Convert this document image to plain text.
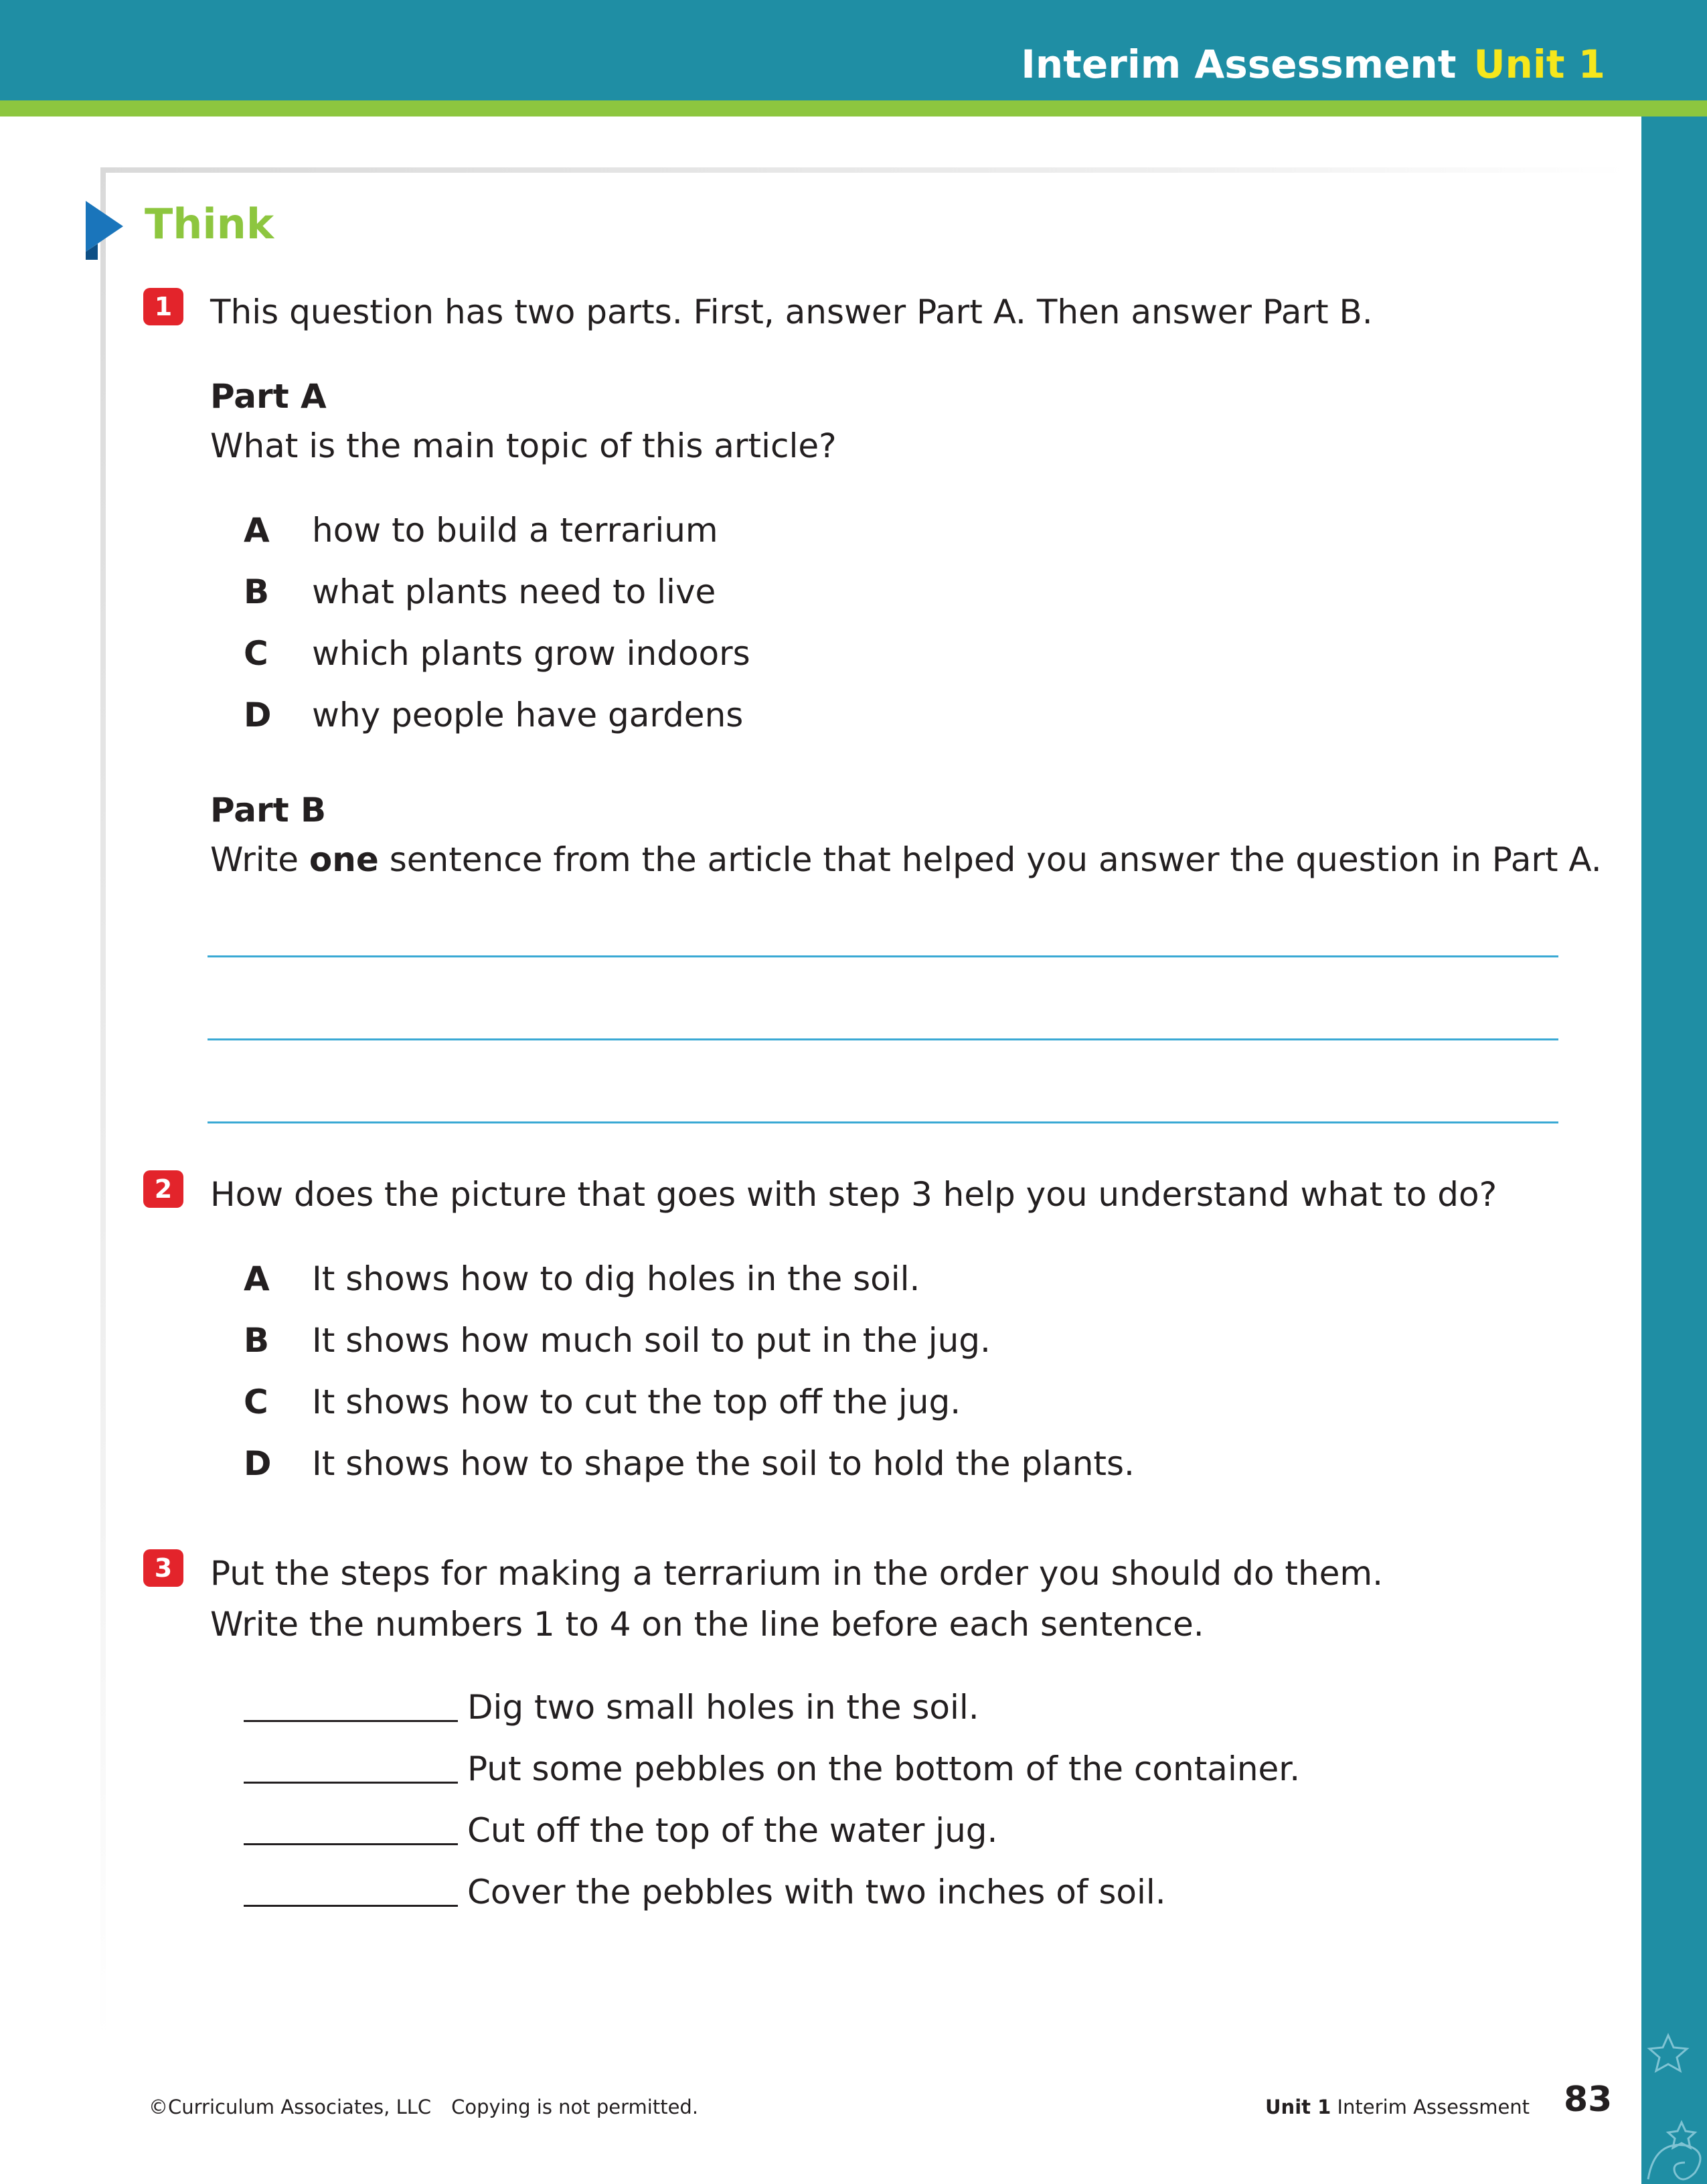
Interim Assessment Unit 1
Think
1	This question has two parts. First, answer Part A. Then answer Part B.
Part A
What is the main topic of this article?
A how to build a terrarium
B what plants need to live
C which plants grow indoors
D why people have gardens
Part B
Write one sentence from the article that helped you answer the question in Part A.
2	How does the picture that goes with step 3 help you understand what to do?
A It shows how to dig holes in the soil.
B It shows how much soil to put in the jug.
C It shows how to cut the top off the jug.
D It shows how to shape the soil to hold the plants.
3	Put the steps for making a terrarium in the order you should do them.
Write the numbers 1 to 4 on the line before each sentence.
Dig two small holes in the soil.
Put some pebbles on the bottom of the container.
Cut off the top of the water jug.
Cover the pebbles with two inches of soil.
©Curriculum Associates, LLC Copying is not permitted.	Unit 1 Interim Assessment 83
